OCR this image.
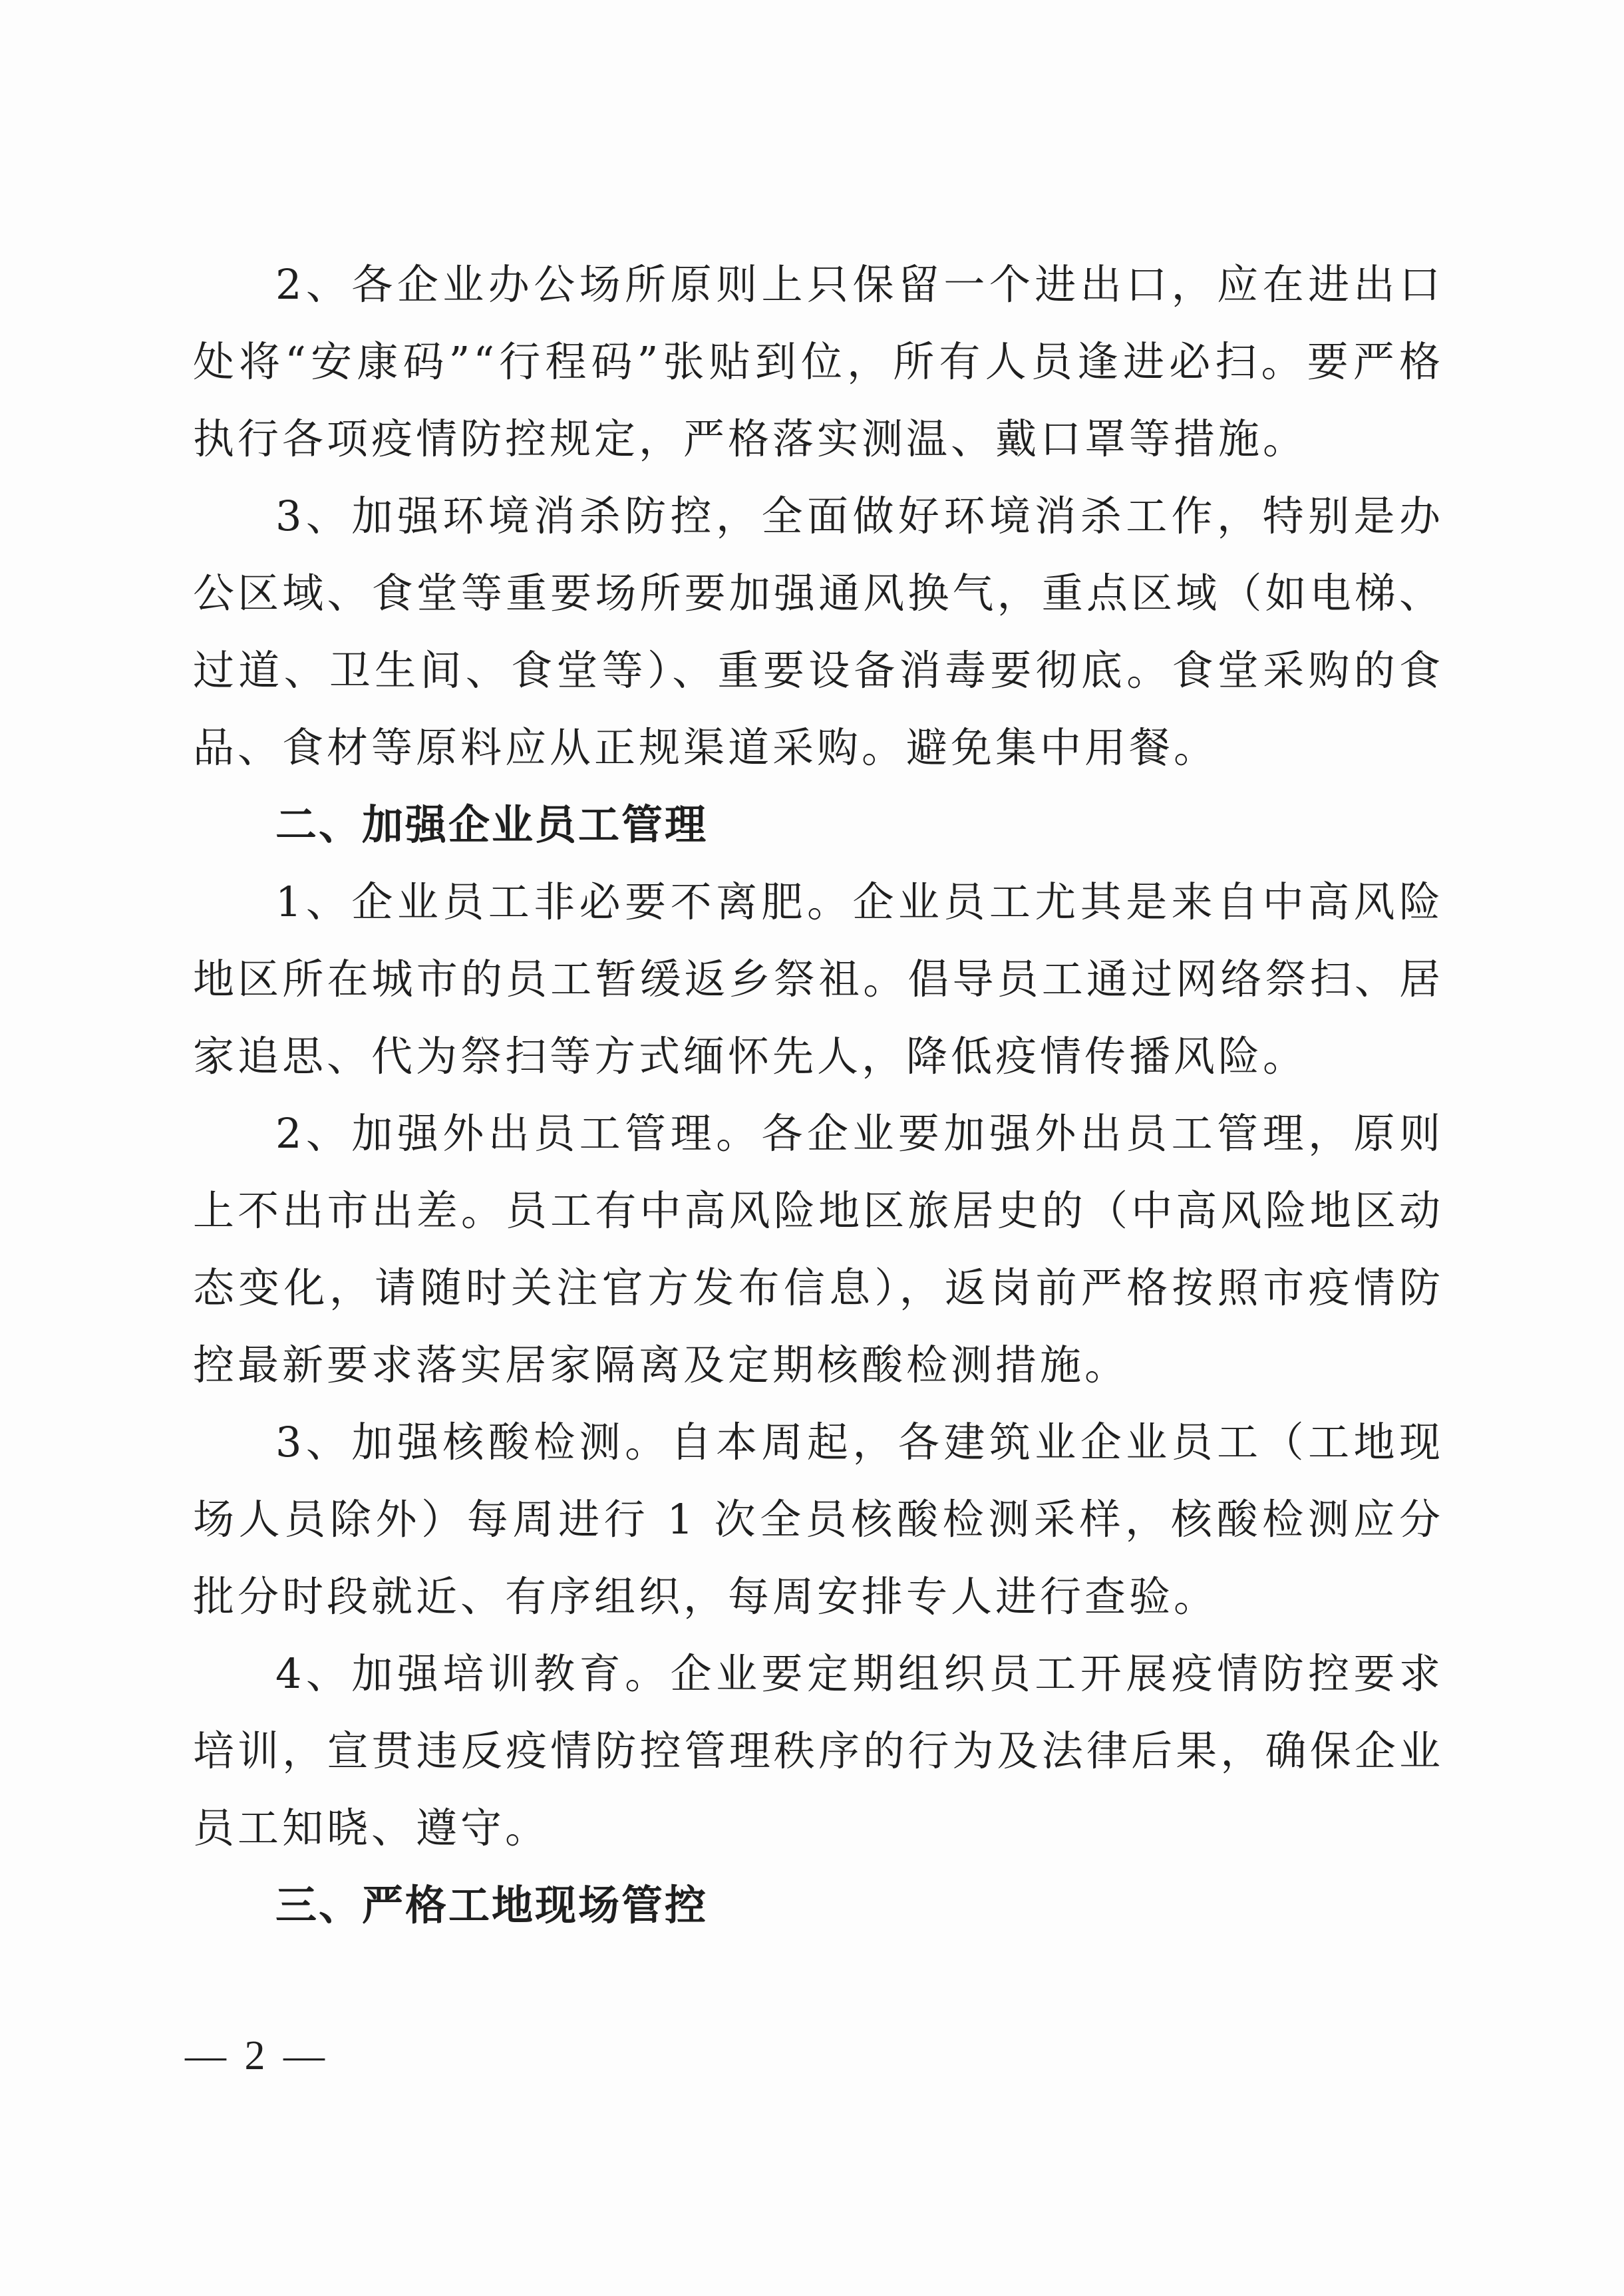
2、各企业办公场所原则上只保留一个进出口，应在进出口处将“安康码”“行程码”张贴到位，所有人员逢进必扫。要严格执行各项疫情防控规定，严格落实测温、戴口罩等措施。

3、加强环境消杀防控，全面做好环境消杀工作，特别是办公区域、食堂等重要场所要加强通风换气，重点区域（如电梯、过道、卫生间、食堂等）、重要设备消毒要彻底。食堂采购的食品、食材等原料应从正规渠道采购。避免集中用餐。

二、加强企业员工管理

1、企业员工非必要不离肥。企业员工尤其是来自中高风险地区所在城市的员工暂缓返乡祭祖。倡导员工通过网络祭扫、居家追思、代为祭扫等方式缅怀先人，降低疫情传播风险。

2、加强外出员工管理。各企业要加强外出员工管理，原则上不出市出差。员工有中高风险地区旅居史的（中高风险地区动态变化，请随时关注官方发布信息），返岗前严格按照市疫情防控最新要求落实居家隔离及定期核酸检测措施。

3、加强核酸检测。自本周起，各建筑业企业员工（工地现场人员除外）每周进行 1 次全员核酸检测采样，核酸检测应分批分时段就近、有序组织，每周安排专人进行查验。

4、加强培训教育。企业要定期组织员工开展疫情防控要求培训，宣贯违反疫情防控管理秩序的行为及法律后果，确保企业员工知晓、遵守。

三、严格工地现场管控

— 2 —
